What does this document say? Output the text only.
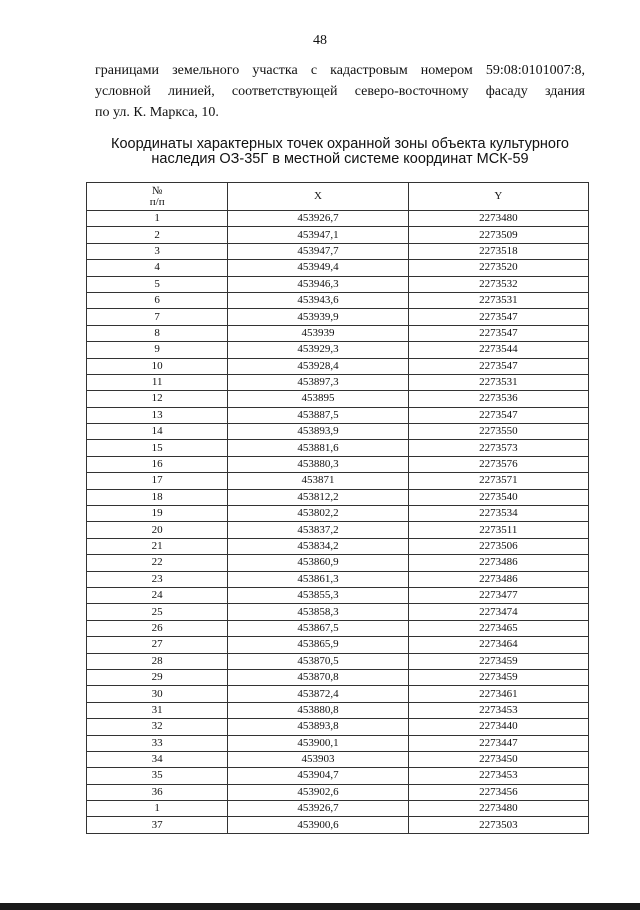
48
границами земельного участка с кадастровым номером 59:08:0101007:8,
условной линией, соответствующей северо-восточному фасаду здания
по ул. К. Маркса, 10.
Координаты характерных точек охранной зоны объекта культурного
наследия ОЗ-35Г в местной системе координат МСК-59
№
п/п	X	Y
1	453926,7	2273480
2	453947,1	2273509
3	453947,7	2273518
4	453949,4	2273520
5	453946,3	2273532
6	453943,6	2273531
7	453939,9	2273547
8	453939	2273547
9	453929,3	2273544
10	453928,4	2273547
11	453897,3	2273531
12	453895	2273536
13	453887,5	2273547
14	453893,9	2273550
15	453881,6	2273573
16	453880,3	2273576
17	453871	2273571
18	453812,2	2273540
19	453802,2	2273534
20	453837,2	2273511
21	453834,2	2273506
22	453860,9	2273486
23	453861,3	2273486
24	453855,3	2273477
25	453858,3	2273474
26	453867,5	2273465
27	453865,9	2273464
28	453870,5	2273459
29	453870,8	2273459
30	453872,4	2273461
31	453880,8	2273453
32	453893,8	2273440
33	453900,1	2273447
34	453903	2273450
35	453904,7	2273453
36	453902,6	2273456
1	453926,7	2273480
37	453900,6	2273503
